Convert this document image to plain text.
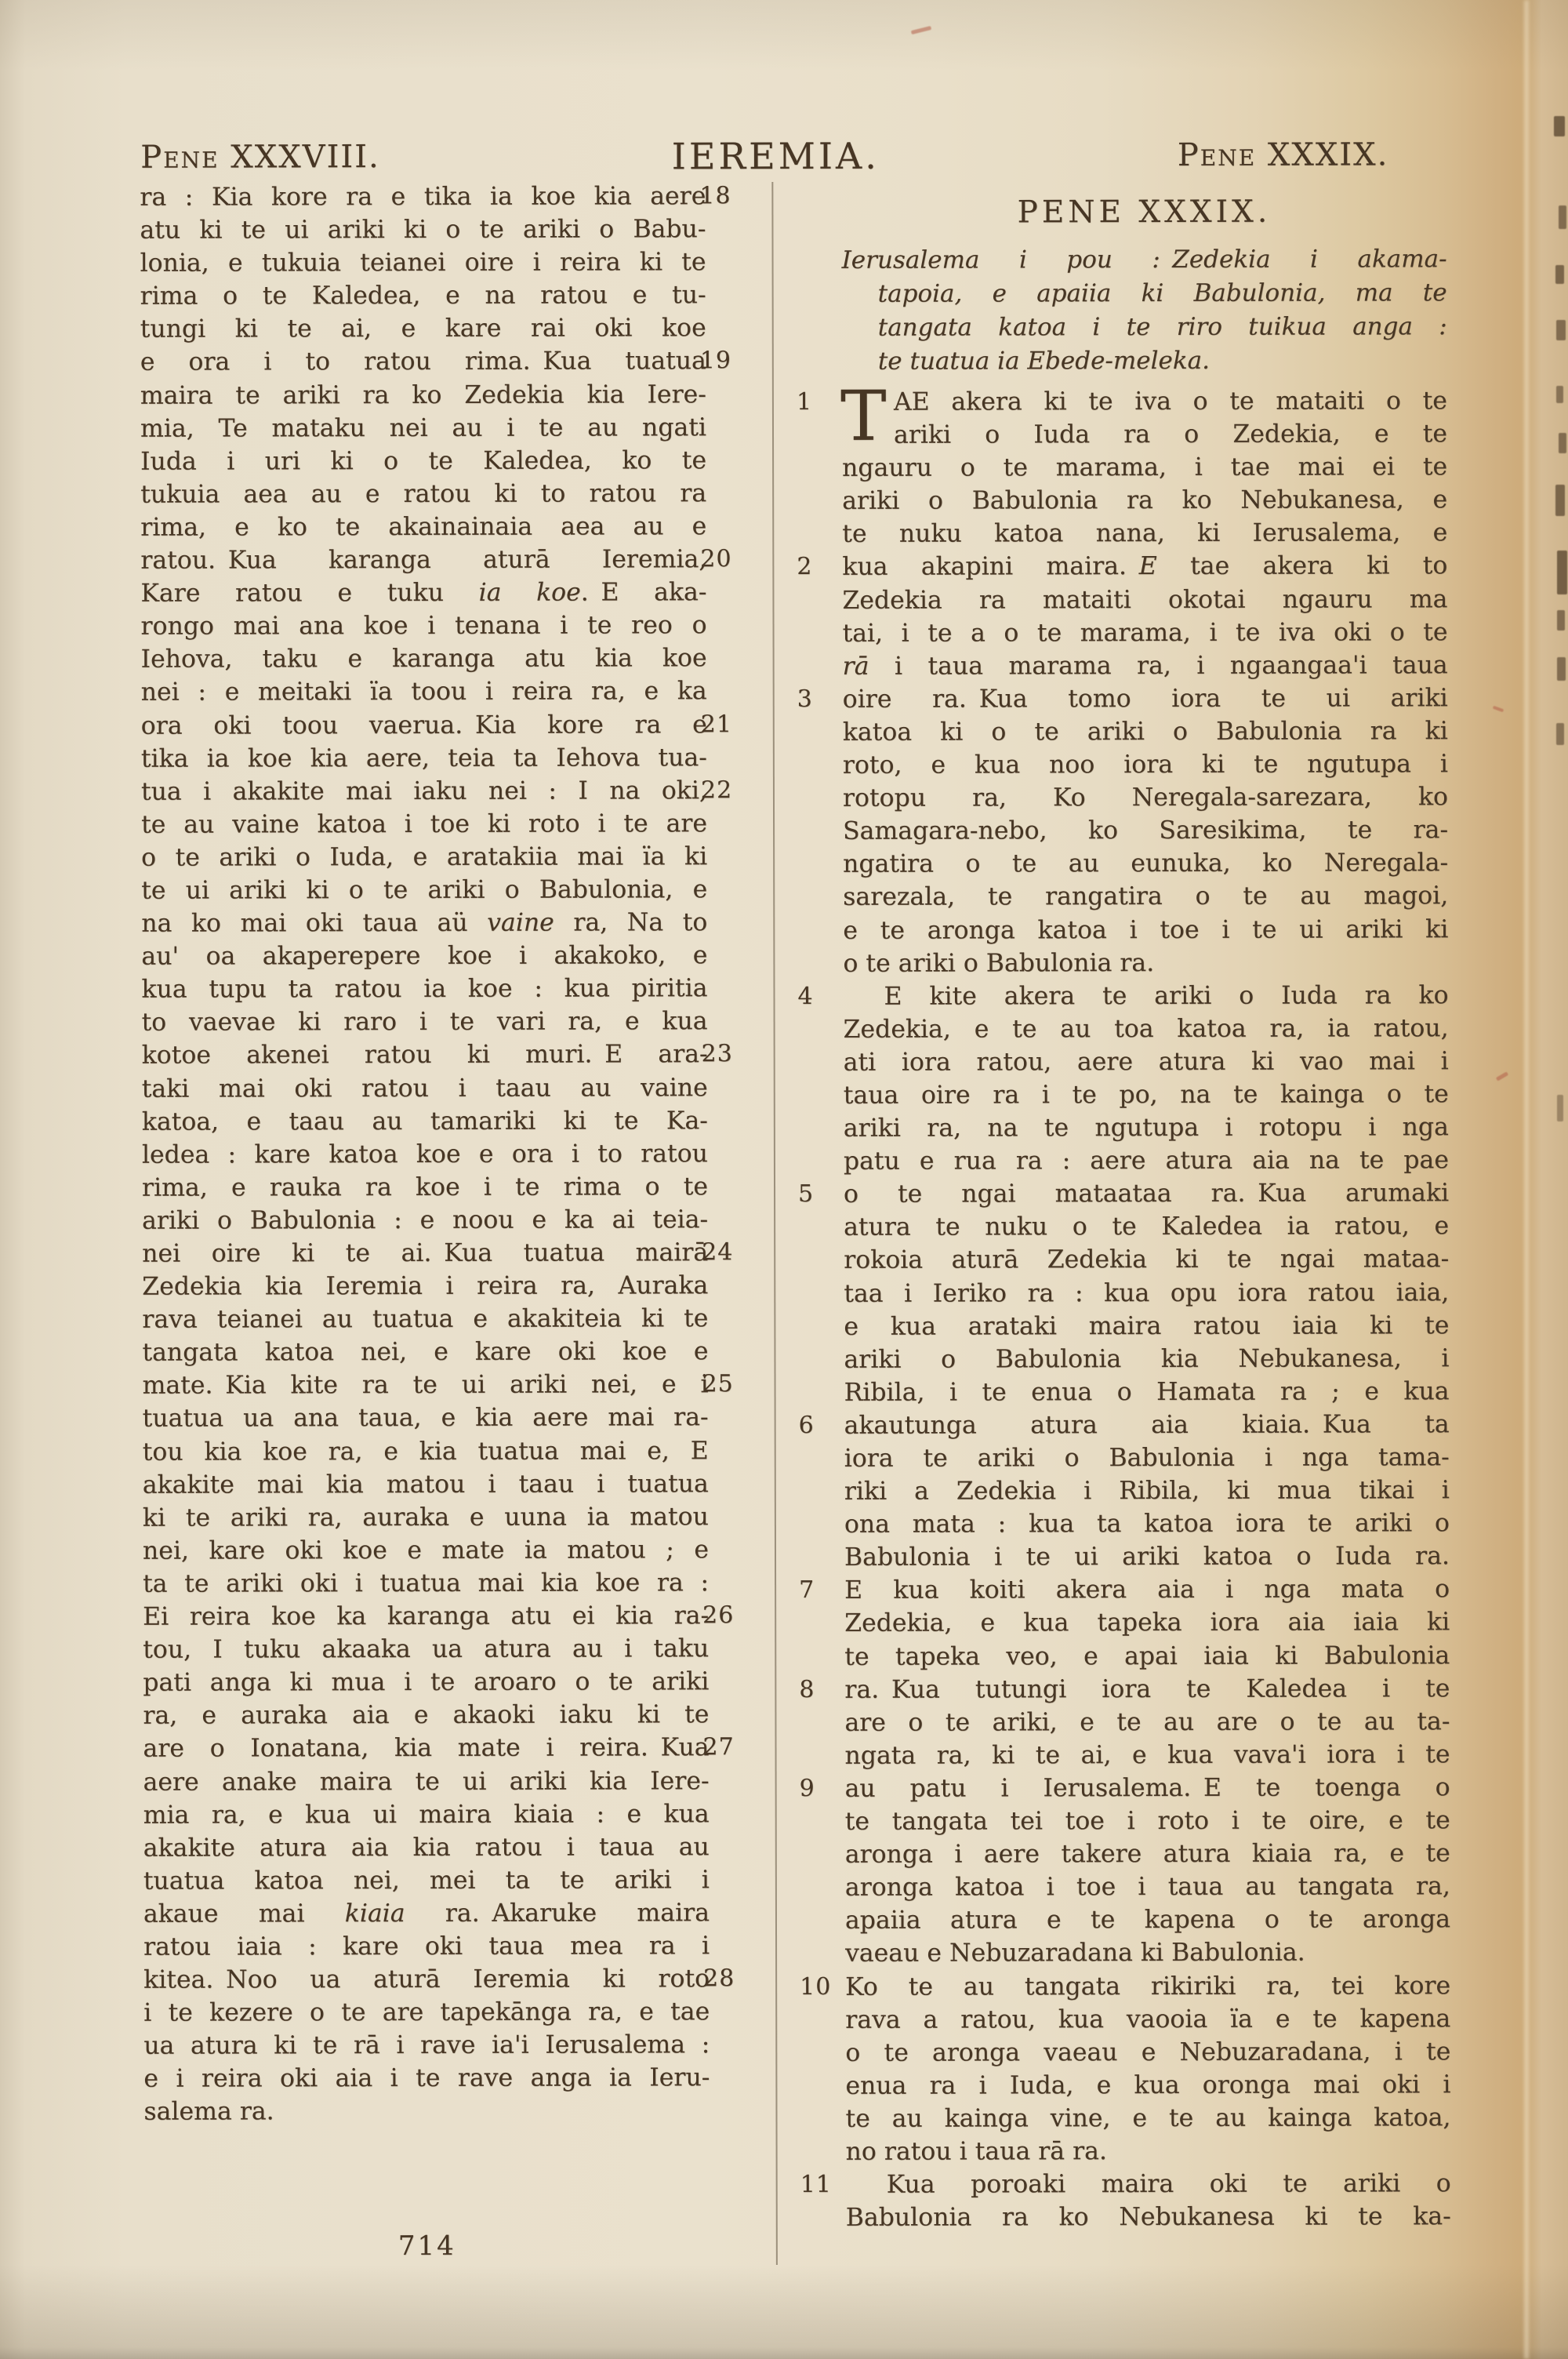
Pene XXXVIII.	IEREMIA.	Pene XXXIX.
18
ra : Kia kore ra e tika ia koe kia aere
atu ki te ui ariki ki o te ariki o Babu-
lonia, e tukuia teianei oire i reira ki te
rima o te Kaledea, e na ratou e tu-
tungi ki te ai, e kare rai oki koe
19
e ora i to ratou rima. Kua tuatua
maira te ariki ra ko Zedekia kia Iere-
mia, Te mataku nei au i te au ngati
Iuda i uri ki o te Kaledea, ko te
tukuia aea au e ratou ki to ratou ra
rima, e ko te akainainaia aea au e
20
ratou. Kua karanga aturā Ieremia,
Kare ratou e tuku ia koe. E aka-
rongo mai ana koe i tenana i te reo o
Iehova, taku e karanga atu kia koe
nei : e meitaki ïa toou i reira ra, e ka
21
ora oki toou vaerua. Kia kore ra e
tika ia koe kia aere, teia ta Iehova tua-
22
tua i akakite mai iaku nei : I na oki,
te au vaine katoa i toe ki roto i te are
o te ariki o Iuda, e aratakiia mai ïa ki
te ui ariki ki o te ariki o Babulonia, e
na ko mai oki taua aü vaine ra, Na to
au' oa akaperepere koe i akakoko, e
kua tupu ta ratou ia koe : kua piritia
to vaevae ki raro i te vari ra, e kua
23
kotoe akenei ratou ki muri. E ara-
taki mai oki ratou i taau au vaine
katoa, e taau au tamariki ki te Ka-
ledea : kare katoa koe e ora i to ratou
rima, e rauka ra koe i te rima o te
ariki o Babulonia : e noou e ka ai teia-
24
nei oire ki te ai. Kua tuatua mairā
Zedekia kia Ieremia i reira ra, Auraka
rava teianei au tuatua e akakiteia ki te
tangata katoa nei, e kare oki koe e
25
mate. Kia kite ra te ui ariki nei, e i
tuatua ua ana taua, e kia aere mai ra-
tou kia koe ra, e kia tuatua mai e, E
akakite mai kia matou i taau i tuatua
ki te ariki ra, auraka e uuna ia matou
nei, kare oki koe e mate ia matou ; e
ta te ariki oki i tuatua mai kia koe ra :
26
Ei reira koe ka karanga atu ei kia ra-
tou, I tuku akaaka ua atura au i taku
pati anga ki mua i te aroaro o te ariki
ra, e auraka aia e akaoki iaku ki te
27
are o Ionatana, kia mate i reira. Kua
aere anake maira te ui ariki kia Iere-
mia ra, e kua ui maira kiaia : e kua
akakite atura aia kia ratou i taua au
tuatua katoa nei, mei ta te ariki i
akaue mai kiaia ra. Akaruke maira
ratou iaia : kare oki taua mea ra i
28
kitea. Noo ua aturā Ieremia ki roto
i te kezere o te are tapekānga ra, e tae
ua atura ki te rā i rave ia'i Ierusalema :
e i reira oki aia i te rave anga ia Ieru-
salema ra.
PENE XXXIX.
Ierusalema i pou : Zedekia i akama-
tapoia, e apaiia ki Babulonia, ma te
tangata katoa i te riro tuikua anga :
te tuatua ia Ebede-meleka.
1 T AE akera ki te iva o te mataiti o te
ariki o Iuda ra o Zedekia, e te
ngauru o te marama, i tae mai ei te
ariki o Babulonia ra ko Nebukanesa, e
te nuku katoa nana, ki Ierusalema, e
2	kua akapini maira. E tae akera ki to
Zedekia ra mataiti okotai ngauru ma
tai, i te a o te marama, i te iva oki o te
rā i taua marama ra, i ngaangaa'i taua
3	oire ra. Kua tomo iora te ui ariki
katoa ki o te ariki o Babulonia ra ki
roto, e kua noo iora ki te ngutupa i
rotopu ra, Ko Neregala-sarezara, ko
Samagara-nebo, ko Saresikima, te ra-
ngatira o te au eunuka, ko Neregala-
sarezala, te rangatira o te au magoi,
e te aronga katoa i toe i te ui ariki ki
o te ariki o Babulonia ra.
4	E kite akera te ariki o Iuda ra ko
Zedekia, e te au toa katoa ra, ia ratou,
ati iora ratou, aere atura ki vao mai i
taua oire ra i te po, na te kainga o te
ariki ra, na te ngutupa i rotopu i nga
patu e rua ra : aere atura aia na te pae
5	o te ngai mataataa ra. Kua arumaki
atura te nuku o te Kaledea ia ratou, e
rokoia aturā Zedekia ki te ngai mataa-
taa i Ieriko ra : kua opu iora ratou iaia,
e kua arataki maira ratou iaia ki te
ariki o Babulonia kia Nebukanesa, i
Ribila, i te enua o Hamata ra ; e kua
6	akautunga atura aia kiaia. Kua ta
iora te ariki o Babulonia i nga tama-
riki a Zedekia i Ribila, ki mua tikai i
ona mata : kua ta katoa iora te ariki o
Babulonia i te ui ariki katoa o Iuda ra.
7	E kua koiti akera aia i nga mata o
Zedekia, e kua tapeka iora aia iaia ki
te tapeka veo, e apai iaia ki Babulonia
8	ra. Kua tutungi iora te Kaledea i te
are o te ariki, e te au are o te au ta-
ngata ra, ki te ai, e kua vava'i iora i te
9	au patu i Ierusalema. E te toenga o
te tangata tei toe i roto i te oire, e te
aronga i aere takere atura kiaia ra, e te
aronga katoa i toe i taua au tangata ra,
apaiia atura e te kapena o te aronga
vaeau e Nebuzaradana ki Babulonia.
10 Ko te au tangata rikiriki ra, tei kore
rava a ratou, kua vaooia ïa e te kapena
o te aronga vaeau e Nebuzaradana, i te
enua ra i Iuda, e kua oronga mai oki i
te au kainga vine, e te au kainga katoa,
no ratou i taua rā ra.
11	Kua poroaki maira oki te ariki o
Babulonia ra ko Nebukanesa ki te ka-
714
